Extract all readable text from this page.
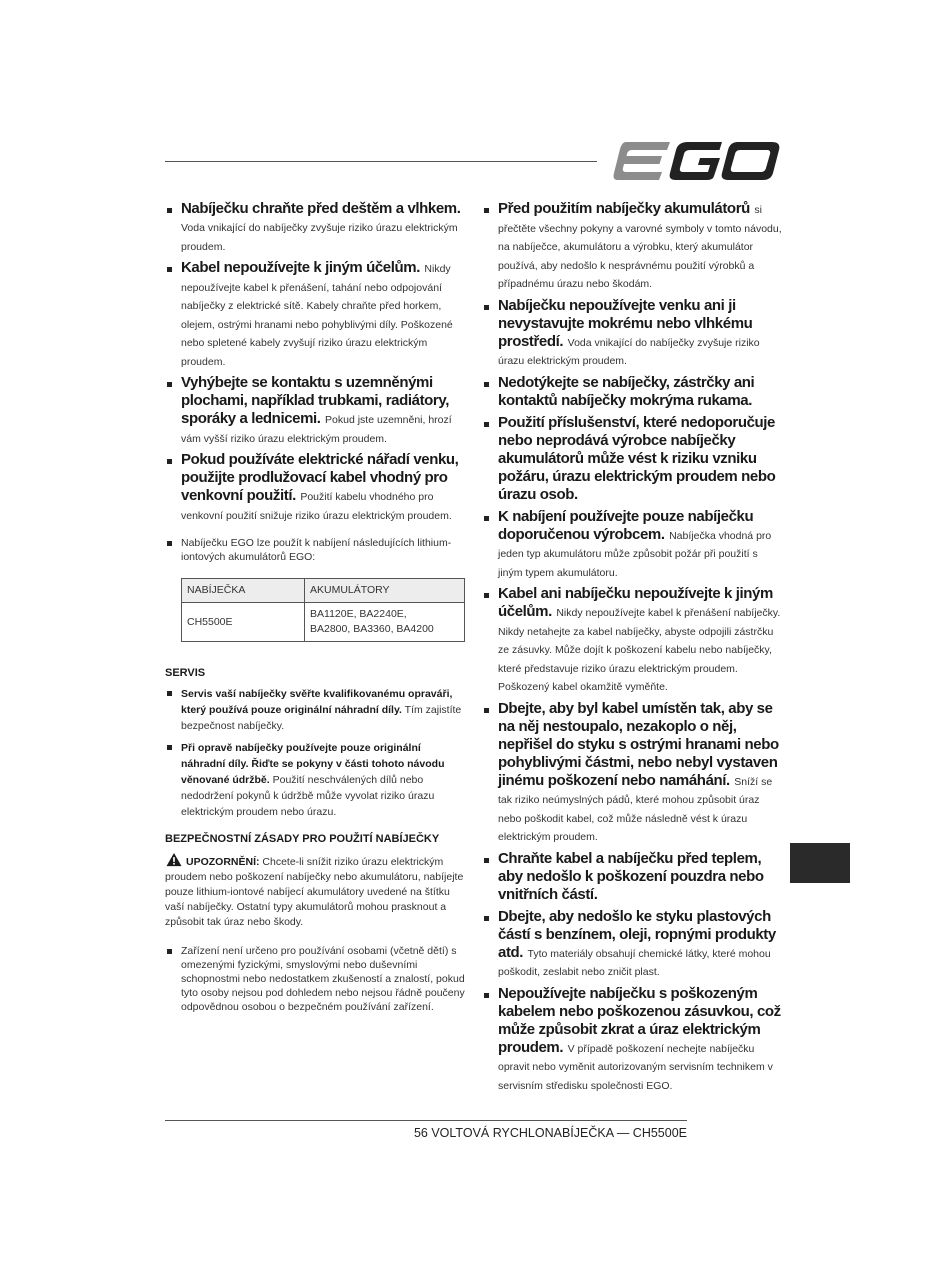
Nabíječku chraňte před deštěm a vlhkem. Voda vnikající do nabíječky zvyšuje riziko úrazu elektrickým proudem.
Kabel nepoužívejte k jiným účelům. Nikdy nepoužívejte kabel k přenášení, tahání nebo odpojování nabíječky z elektrické sítě. Kabely chraňte před horkem, olejem, ostrými hranami nebo pohyblivými díly. Poškozené nebo spletené kabely zvyšují riziko úrazu elektrickým proudem.
Vyhýbejte se kontaktu s uzemněnými plochami, například trubkami, radiátory, sporáky a lednicemi. Pokud jste uzemněni, hrozí vám vyšší riziko úrazu elektrickým proudem.
Pokud používáte elektrické nářadí venku, použijte prodlužovací kabel vhodný pro venkovní použití. Použití kabelu vhodného pro venkovní použití snižuje riziko úrazu elektrickým proudem.
Nabíječku EGO lze použít k nabíjení následujících lithium-iontových akumulátorů EGO:
NABÍJEČKA	AKUMULÁTORY
CH5500E	BA1120E, BA2240E,
BA2800, BA3360, BA4200
SERVIS
Servis vaší nabíječky svěřte kvalifikovanému opraváři, který používá pouze originální náhradní díly. Tím zajistíte bezpečnost nabíječky.
Při opravě nabíječky používejte pouze originální náhradní díly. Řiďte se pokyny v části tohoto návodu věnované údržbě. Použití neschválených dílů nebo nedodržení pokynů k údržbě může vyvolat riziko úrazu elektrickým proudem nebo úrazu.
BEZPEČNOSTNÍ ZÁSADY PRO POUŽITÍ NABÍJEČKY
UPOZORNĚNÍ: Chcete-li snížit riziko úrazu elektrickým proudem nebo poškození nabíječky nebo akumulátoru, nabíjejte pouze lithium-iontové nabíjecí akumulátory uvedené na štítku vaší nabíječky. Ostatní typy akumulátorů mohou prasknout a způsobit tak úraz nebo škody.
Zařízení není určeno pro používání osobami (včetně dětí) s omezenými fyzickými, smyslovými nebo duševními schopnostmi nebo nedostatkem zkušeností a znalostí, pokud tyto osoby nejsou pod dohledem nebo nejsou řádně poučeny odpovědnou osobou o bezpečném používání zařízení.
Před použitím nabíječky akumulátorů si přečtěte všechny pokyny a varovné symboly v tomto návodu, na nabíječce, akumulátoru a výrobku, který akumulátor používá, aby nedošlo k nesprávnému použití výrobků a případnému úrazu nebo škodám.
Nabíječku nepoužívejte venku ani ji nevystavujte mokrému nebo vlhkému prostředí. Voda vnikající do nabíječky zvyšuje riziko úrazu elektrickým proudem.
Nedotýkejte se nabíječky, zástrčky ani kontaktů nabíječky mokrýma rukama.
Použití příslušenství, které nedoporučuje nebo neprodává výrobce nabíječky akumulátorů může vést k riziku vzniku požáru, úrazu elektrickým proudem nebo úrazu osob.
K nabíjení používejte pouze nabíječku doporučenou výrobcem. Nabíječka vhodná pro jeden typ akumulátoru může způsobit požár při použití s jiným typem akumulátoru.
Kabel ani nabíječku nepoužívejte k jiným účelům. Nikdy nepoužívejte kabel k přenášení nabíječky. Nikdy netahejte za kabel nabíječky, abyste odpojili zástrčku ze zásuvky. Může dojít k poškození kabelu nebo nabíječky, které představuje riziko úrazu elektrickým proudem. Poškozený kabel okamžitě vyměňte.
Dbejte, aby byl kabel umístěn tak, aby se na něj nestoupalo, nezakoplo o něj, nepřišel do styku s ostrými hranami nebo pohyblivými částmi, nebo nebyl vystaven jinému poškození nebo namáhání. Sníží se tak riziko neúmyslných pádů, které mohou způsobit úraz nebo poškodit kabel, což může následně vést k úrazu elektrickým proudem.
Chraňte kabel a nabíječku před teplem, aby nedošlo k poškození pouzdra nebo vnitřních částí.
Dbejte, aby nedošlo ke styku plastových částí s benzínem, oleji, ropnými produkty atd. Tyto materiály obsahují chemické látky, které mohou poškodit, zeslabit nebo zničit plast.
Nepoužívejte nabíječku s poškozeným kabelem nebo poškozenou zásuvkou, což může způsobit zkrat a úraz elektrickým proudem. V případě poškození nechejte nabíječku opravit nebo vyměnit autorizovaným servisním technikem v servisním středisku společnosti EGO.
56 VOLTOVÁ RYCHLONABÍJEČKA — CH5500E
